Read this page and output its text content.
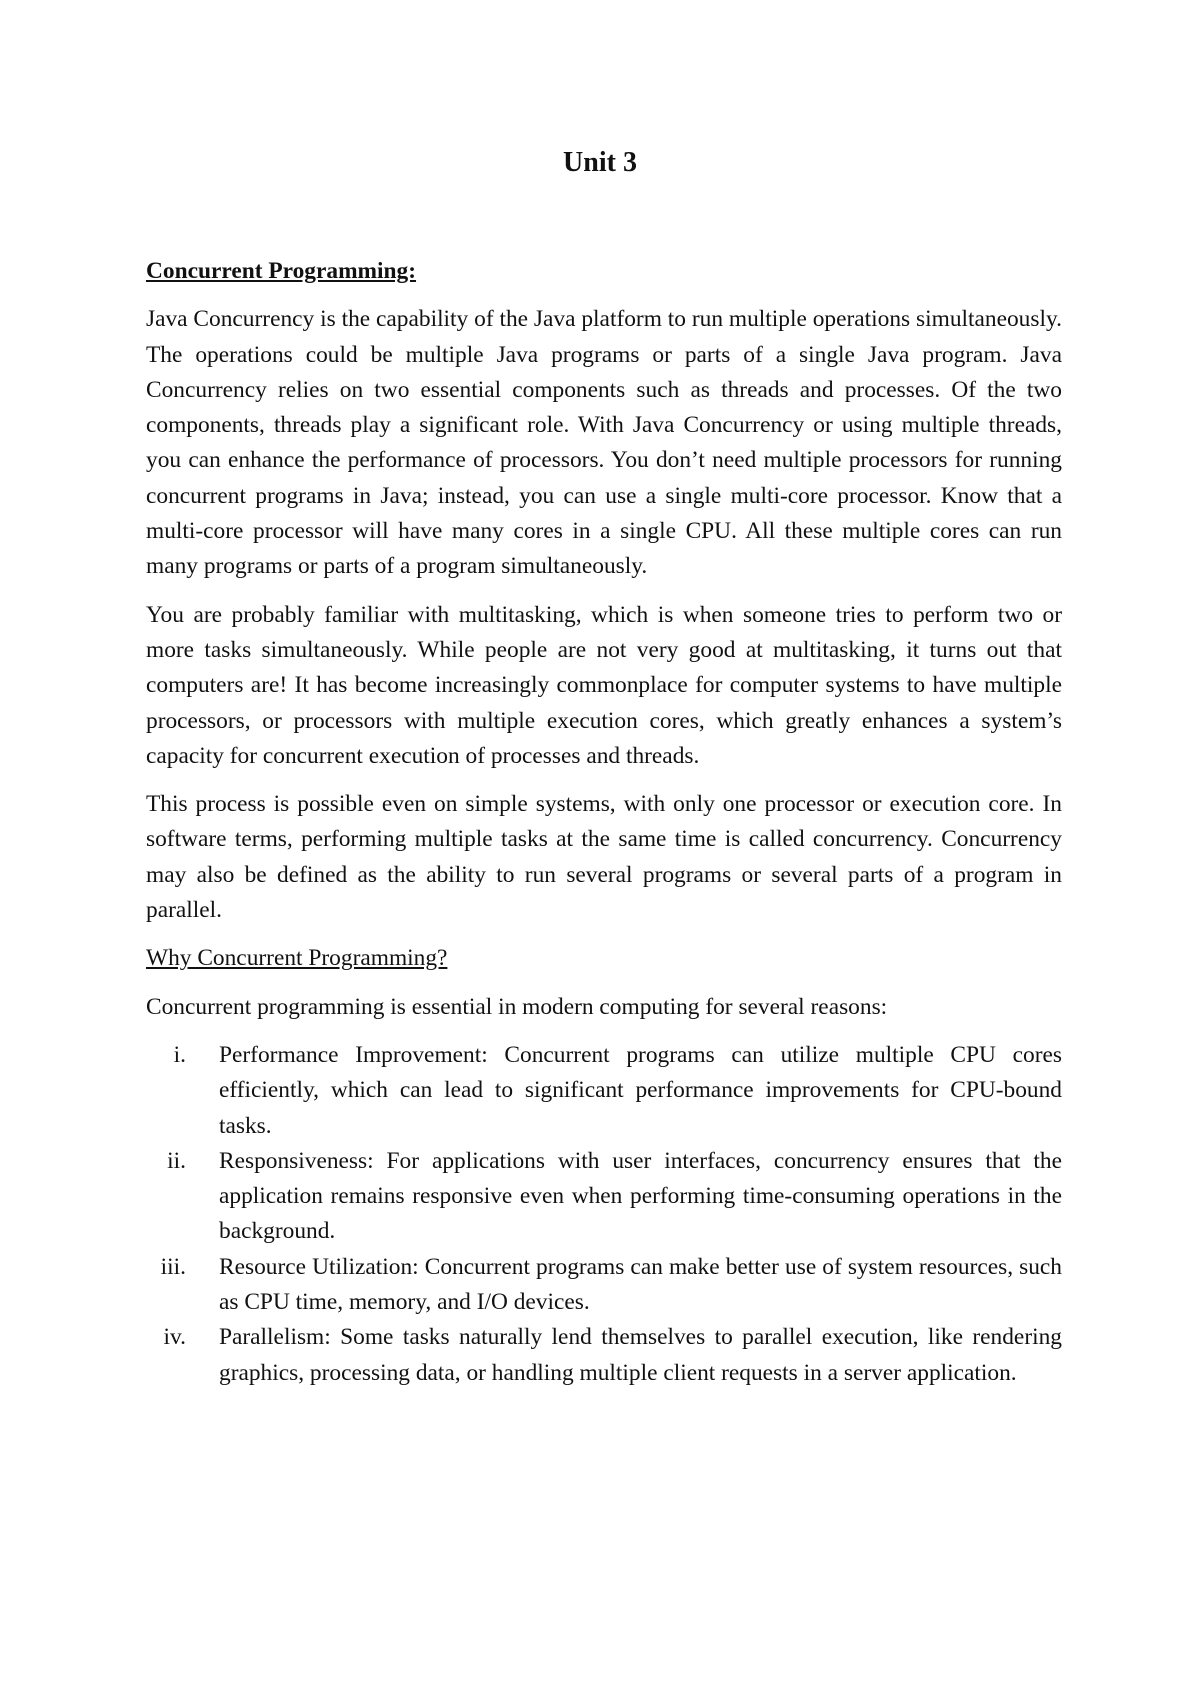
Unit 3
Concurrent Programming:

Java Concurrency is the capability of the Java platform to run multiple operations simultaneously. The operations could be multiple Java programs or parts of a single Java program. Java Concurrency relies on two essential components such as threads and processes. Of the two components, threads play a significant role. With Java Concurrency or using multiple threads, you can enhance the performance of processors. You don’t need multiple processors for running concurrent programs in Java; instead, you can use a single multi-core processor. Know that a multi-core processor will have many cores in a single CPU. All these multiple cores can run many programs or parts of a program simultaneously.

You are probably familiar with multitasking, which is when someone tries to perform two or more tasks simultaneously. While people are not very good at multitasking, it turns out that computers are! It has become increasingly commonplace for computer systems to have multiple processors, or processors with multiple execution cores, which greatly enhances a system’s capacity for concurrent execution of processes and threads.

This process is possible even on simple systems, with only one processor or execution core. In software terms, performing multiple tasks at the same time is called concurrency. Concurrency may also be defined as the ability to run several programs or several parts of a program in parallel.

Why Concurrent Programming?

Concurrent programming is essential in modern computing for several reasons:

i. Performance Improvement: Concurrent programs can utilize multiple CPU cores efficiently, which can lead to significant performance improvements for CPU-bound tasks.
ii. Responsiveness: For applications with user interfaces, concurrency ensures that the application remains responsive even when performing time-consuming operations in the background.
iii. Resource Utilization: Concurrent programs can make better use of system resources, such as CPU time, memory, and I/O devices.
iv. Parallelism: Some tasks naturally lend themselves to parallel execution, like rendering graphics, processing data, or handling multiple client requests in a server application.
